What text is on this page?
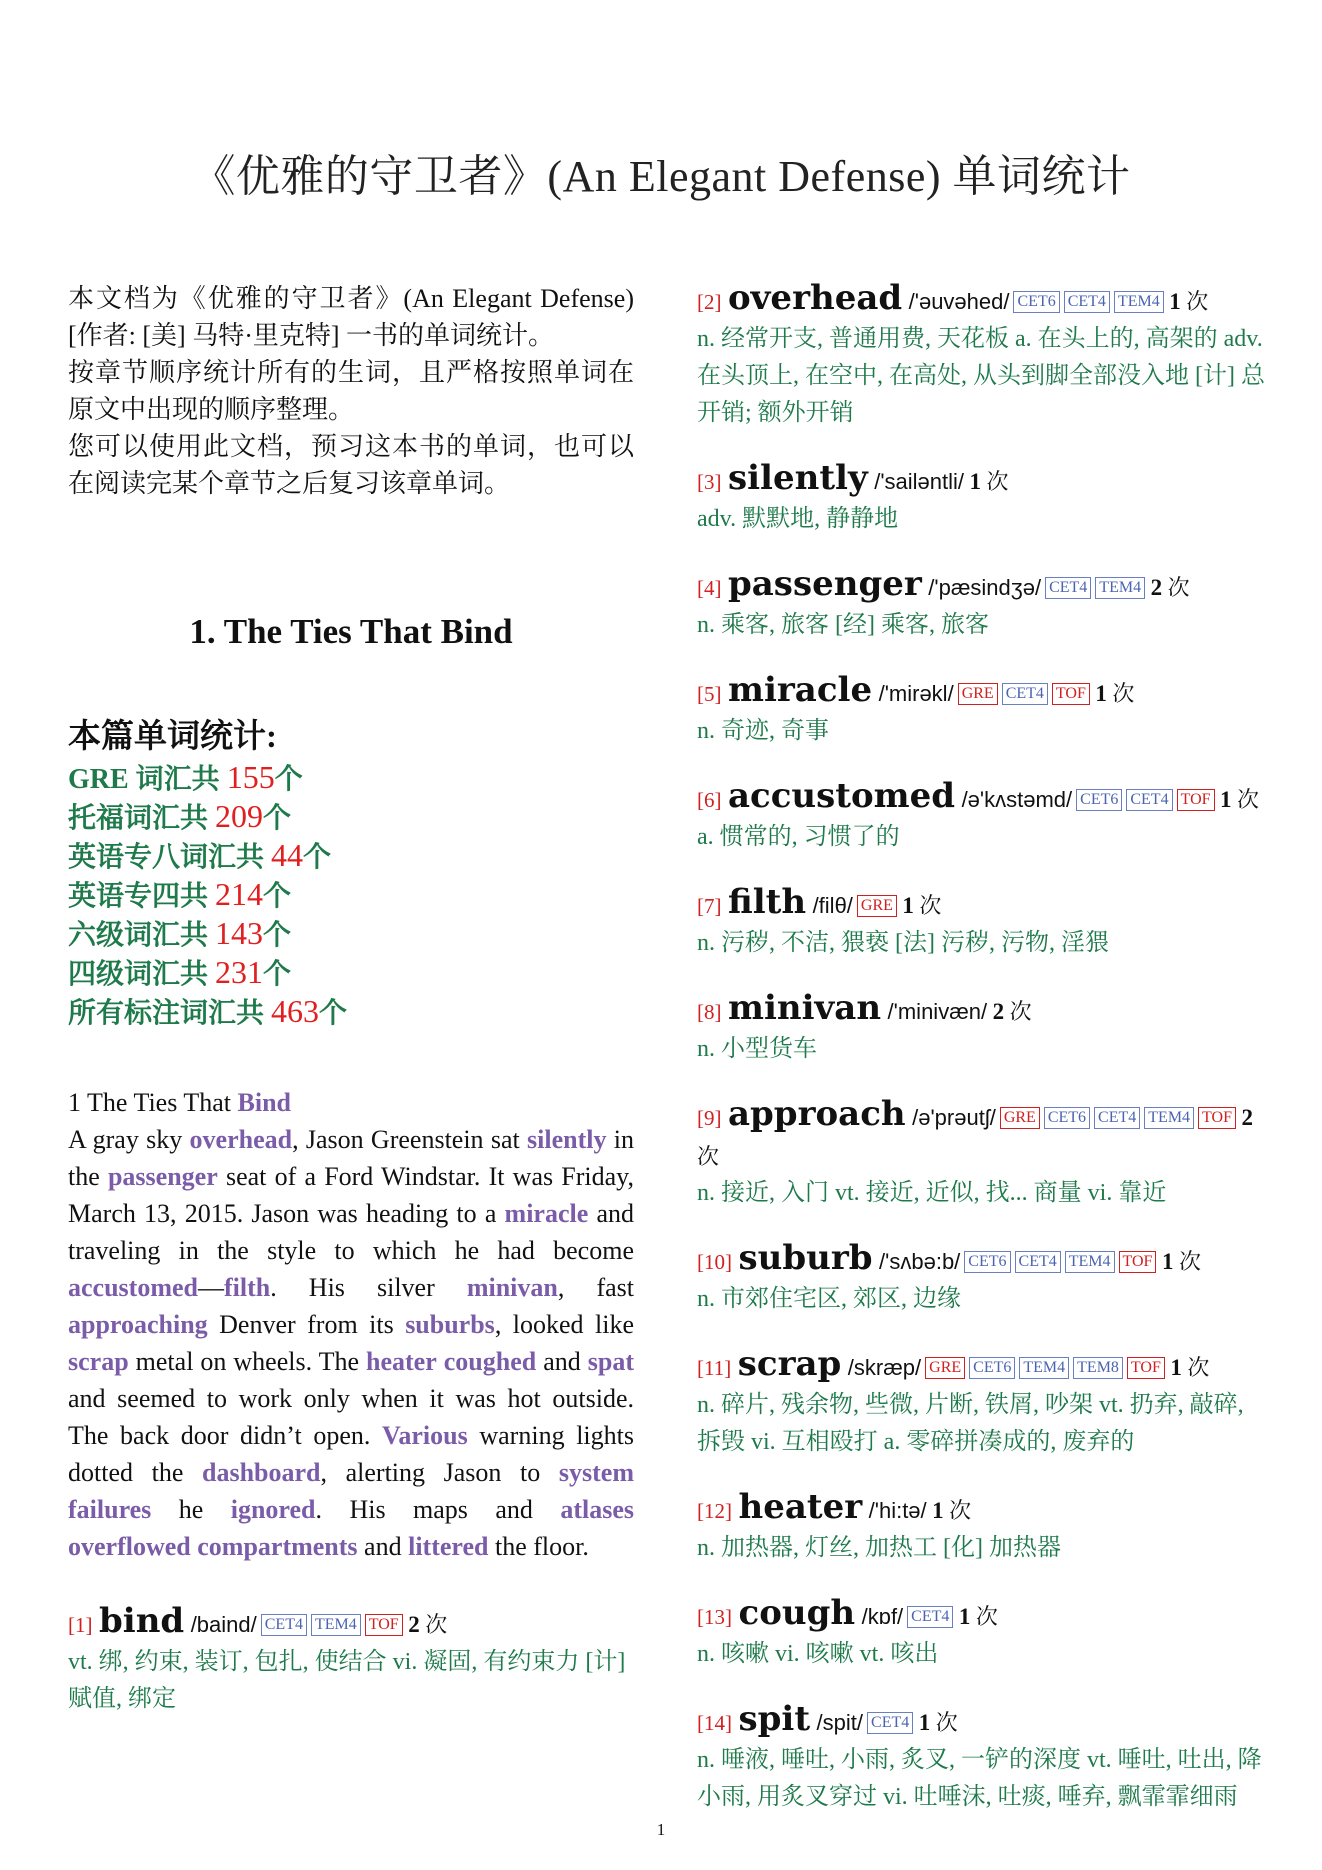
《优雅的守卫者》(An Elegant Defense) 单词统计

本文档为《优雅的守卫者》(An Elegant Defense)[作者: [美] 马特·里克特] 一书的单词统计。

按章节顺序统计所有的生词，且严格按照单词在原文中出现的顺序整理。

您可以使用此文档，预习这本书的单词，也可以在阅读完某个章节之后复习该章单词。

1. The Ties That Bind
本篇单词统计:
GRE 词汇共 155个
托福词汇共 209个
英语专八词汇共 44个
英语专四共 214个
六级词汇共 143个
四级词汇共 231个
所有标注词汇共 463个
1 The Ties That Bind
A gray sky overhead, Jason Greenstein sat silently in the passenger seat of a Ford Windstar. It was Friday, March 13, 2015. Jason was heading to a miracle and traveling in the style to which he had become accustomed—filth. His silver minivan, fast approaching Denver from its suburbs, looked like scrap metal on wheels. The heater coughed and spat and seemed to work only when it was hot outside. The back door didn’t open. Various warning lights dotted the dashboard, alerting Jason to system failures he ignored. His maps and atlases overflowed compartments and littered the floor.
[1] bind /baind/ CET4 TEM4 TOF 2 次
vt. 绑, 约束, 装订, 包扎, 使结合 vi. 凝固, 有约束力 [计] 赋值, 绑定
[2] overhead /'əuvəhed/ CET6 CET4 TEM4 1 次
n. 经常开支, 普通用费, 天花板 a. 在头上的, 高架的 adv. 在头顶上, 在空中, 在高处, 从头到脚全部没入地 [计] 总开销; 额外开销
[3] silently /'sailəntli/ 1 次
adv. 默默地, 静静地
[4] passenger /'pæsindʒə/ CET4 TEM4 2 次
n. 乘客, 旅客 [经] 乘客, 旅客
[5] miracle /'mirəkl/ GRE CET4 TOF 1 次
n. 奇迹, 奇事
[6] accustomed /ə'kʌstəmd/ CET6 CET4 TOF 1 次
a. 惯常的, 习惯了的
[7] filth /filθ/ GRE 1 次
n. 污秽, 不洁, 猥亵 [法] 污秽, 污物, 淫猥
[8] minivan /'minivæn/ 2 次
n. 小型货车
[9] approach /ə'prəutʃ/ GRE CET6 CET4 TEM4 TOF 2 次
n. 接近, 入门 vt. 接近, 近似, 找... 商量 vi. 靠近
[10] suburb /'sʌbə:b/ CET6 CET4 TEM4 TOF 1 次
n. 市郊住宅区, 郊区, 边缘
[11] scrap /skræp/ GRE CET6 TEM4 TEM8 TOF 1 次
n. 碎片, 残余物, 些微, 片断, 铁屑, 吵架 vt. 扔弃, 敲碎, 拆毁 vi. 互相殴打 a. 零碎拼凑成的, 废弃的
[12] heater /'hi:tə/ 1 次
n. 加热器, 灯丝, 加热工 [化] 加热器
[13] cough /kɒf/ CET4 1 次
n. 咳嗽 vi. 咳嗽 vt. 咳出
[14] spit /spit/ CET4 1 次
n. 唾液, 唾吐, 小雨, 炙叉, 一铲的深度 vt. 唾吐, 吐出, 降小雨, 用炙叉穿过 vi. 吐唾沫, 吐痰, 唾弃, 飘霏霏细雨
1
